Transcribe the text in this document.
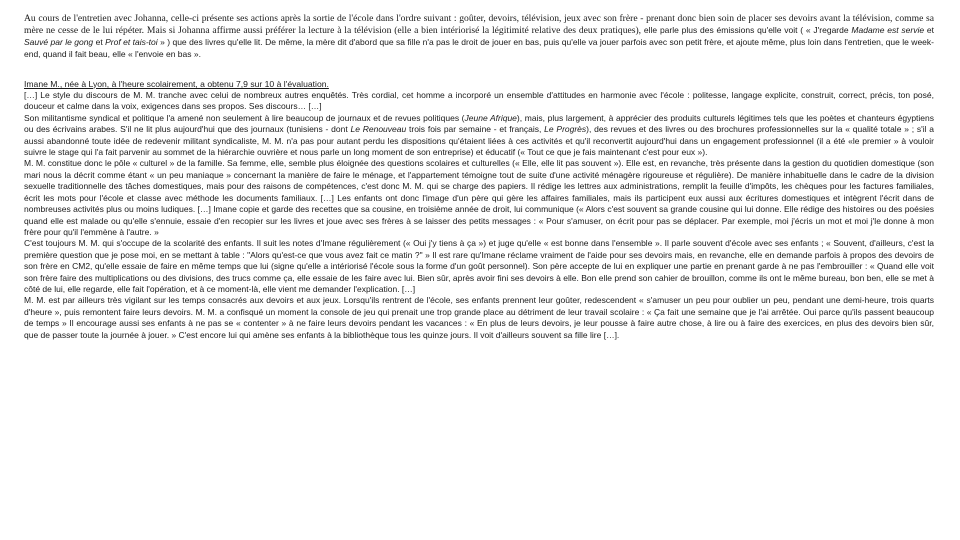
Au cours de l'entretien avec Johanna, celle-ci présente ses actions après la sortie de l'école dans l'ordre suivant : goûter, devoirs, télévision, jeux avec son frère - prenant donc bien soin de placer ses devoirs avant la télévision, comme sa mère ne cesse de le lui répéter. Mais si Johanna affirme aussi préférer la lecture à la télévision (elle a bien intériorisé la légitimité relative des deux pratiques), elle parle plus des émissions qu'elle voit ( « J'regarde Madame est servie et Sauvé par le gong et Prof et tais-toi » ) que des livres qu'elle lit. De même, la mère dit d'abord que sa fille n'a pas le droit de jouer en bas, puis qu'elle va jouer parfois avec son petit frère, et ajoute même, plus loin dans l'entretien, que le week-end, quand il fait beau, elle « l'envoie en bas ».

Imane M., née à Lyon, à l'heure scolairement, a obtenu 7,9 sur 10 à l'évaluation.

[…] Le style du discours de M. M. tranche avec celui de nombreux autres enquêtés. Très cordial, cet homme a incorporé un ensemble d'attitudes en harmonie avec l'école : politesse, langage explicite, construit, correct, précis, ton posé, douceur et calme dans la voix, exigences dans ses propos. Ses discours… […]

Son militantisme syndical et politique l'a amené non seulement à lire beaucoup de journaux et de revues politiques (Jeune Afrique), mais, plus largement, à apprécier des produits culturels légitimes tels que les poètes et chanteurs égyptiens ou des écrivains arabes. S'il ne lit plus aujourd'hui que des journaux (tunisiens - dont Le Renouveau trois fois par semaine - et français, Le Progrès), des revues et des livres ou des brochures professionnelles sur la « qualité totale » ; s'il a aussi abandonné toute idée de redevenir militant syndicaliste, M. M. n'a pas pour autant perdu les dispositions qu'étaient liées à ces activités et qu'il reconvertit aujourd'hui dans un engagement professionnel (il a été «le premier » à vouloir suivre le stage qui l'a fait parvenir au sommet de la hiérarchie ouvrière et nous parle un long moment de son entreprise) et éducatif (« Tout ce que je fais maintenant c'est pour eux »).

M. M. constitue donc le pôle « culturel » de la famille. Sa femme, elle, semble plus éloignée des questions scolaires et culturelles (« Elle, elle lit pas souvent »). Elle est, en revanche, très présente dans la gestion du quotidien domestique (son mari nous la décrit comme étant « un peu maniaque » concernant la manière de faire le ménage, et l'appartement témoigne tout de suite d'une activité ménagère rigoureuse et régulière). De manière inhabituelle dans le cadre de la division sexuelle traditionnelle des tâches domestiques, mais pour des raisons de compétences, c'est donc M. M. qui se charge des papiers. Il rédige les lettres aux administrations, remplit la feuille d'impôts, les chèques pour les factures familiales, écrit les mots pour l'école et classe avec méthode les documents familiaux. […] Les enfants ont donc l'image d'un père qui gère les affaires familiales, mais ils participent eux aussi aux écritures domestiques et intègrent l'écrit dans de nombreuses activités plus ou moins ludiques. […] Imane copie et garde des recettes que sa cousine, en troisième année de droit, lui communique (« Alors c'est souvent sa grande cousine qui lui donne. Elle rédige des histoires ou des poésies quand elle est malade ou qu'elle s'ennuie, essaie d'en recopier sur les livres et joue avec ses frères à se laisser des petits messages : « Pour s'amuser, on écrit pour pas se déplacer. Par exemple, moi j'écris un mot et moi j'le donne à mon frère pour qu'il l'emmène à l'autre. »

C'est toujours M. M. qui s'occupe de la scolarité des enfants. Il suit les notes d'Imane régulièrement (« Oui j'y tiens à ça ») et juge qu'elle « est bonne dans l'ensemble ». Il parle souvent d'école avec ses enfants ; « Souvent, d'ailleurs, c'est la première question que je pose moi, en se mettant à table : "Alors qu'est-ce que vous avez fait ce matin ?" » Il est rare qu'Imane réclame vraiment de l'aide pour ses devoirs mais, en revanche, elle en demande parfois à propos des devoirs de son frère en CM2, qu'elle essaie de faire en même temps que lui (signe qu'elle a intériorisé l'école sous la forme d'un goût personnel). Son père accepte de lui en expliquer une partie en prenant garde à ne pas l'embrouiller : « Quand elle voit son frère faire des multiplications ou des divisions, des trucs comme ça, elle essaie de les faire avec lui. Bien sûr, après avoir fini ses devoirs à elle. Bon elle prend son cahier de brouillon, comme ils ont le même bureau, bon ben, elle se met à côté de lui, elle regarde, elle fait l'opération, et à ce moment-là, elle vient me demander l'explication. […]

M. M. est par ailleurs très vigilant sur les temps consacrés aux devoirs et aux jeux. Lorsqu'ils rentrent de l'école, ses enfants prennent leur goûter, redescendent « s'amuser un peu pour oublier un peu, pendant une demi-heure, trois quarts d'heure », puis remontent faire leurs devoirs. M. M. a confisqué un moment la console de jeu qui prenait une trop grande place au détriment de leur travail scolaire : « Ça fait une semaine que je l'ai arrêtée. Oui parce qu'ils passent beaucoup de temps » Il encourage aussi ses enfants à ne pas se « contenter » à ne faire leurs devoirs pendant les vacances : « En plus de leurs devoirs, je leur pousse à faire autre chose, à lire ou à faire des exercices, en plus des devoirs bien sûr, que de passer toute la journée à jouer. » C'est encore lui qui amène ses enfants à la bibliothèque tous les quinze jours. Il voit d'ailleurs souvent sa fille lire […].
